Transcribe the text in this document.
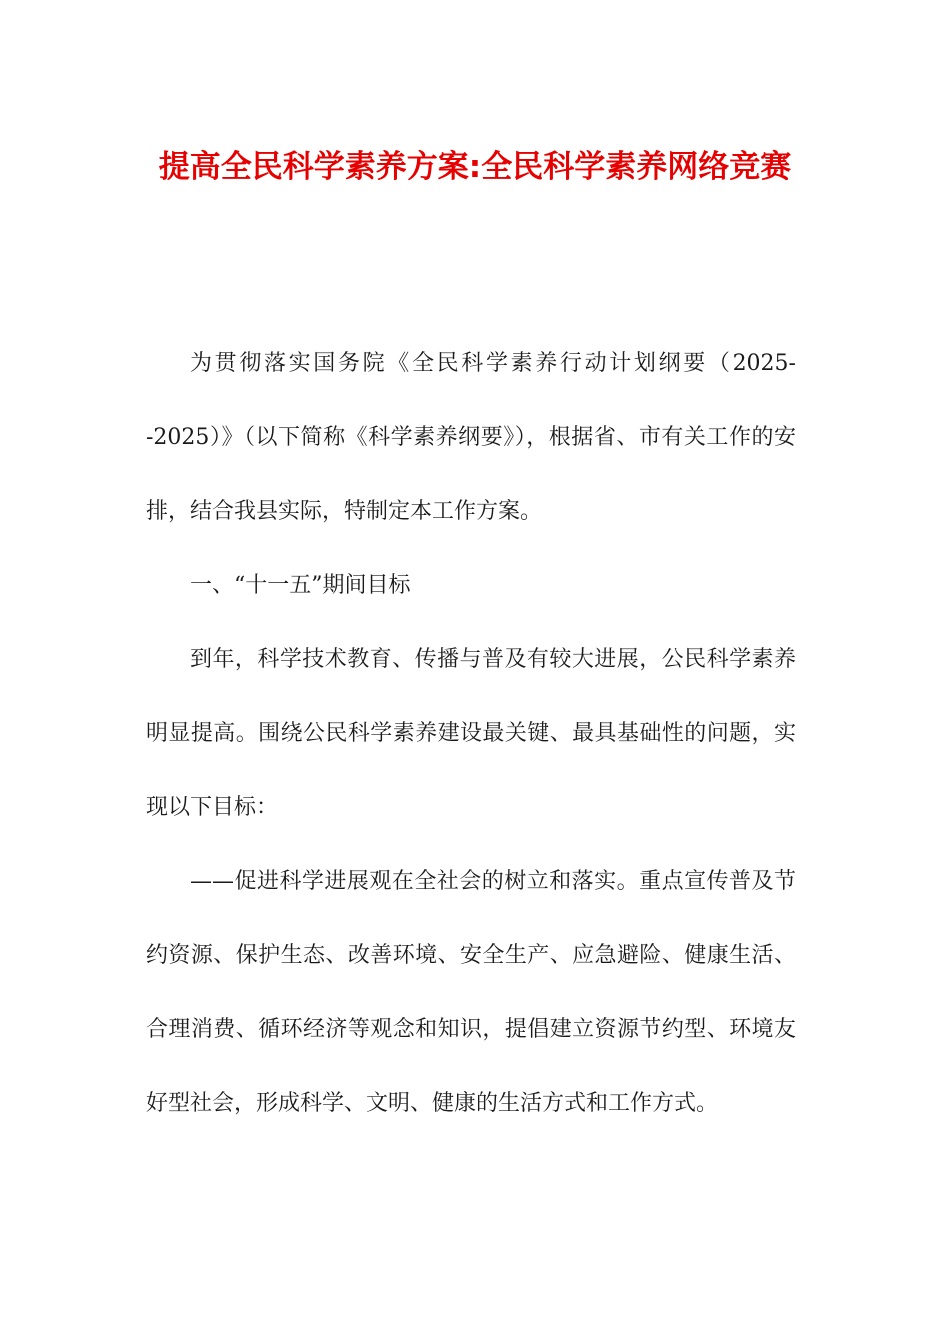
提高全民科学素养方案:全民科学素养网络竞赛

为贯彻落实国务院《全民科学素养行动计划纲要（2025--2025）》（以下简称《科学素养纲要》），根据省、市有关工作的安排，结合我县实际，特制定本工作方案。

一、“十一五”期间目标

到年，科学技术教育、传播与普及有较大进展，公民科学素养明显提高。围绕公民科学素养建设最关键、最具基础性的问题，实现以下目标：

——促进科学进展观在全社会的树立和落实。重点宣传普及节约资源、保护生态、改善环境、安全生产、应急避险、健康生活、合理消费、循环经济等观念和知识，提倡建立资源节约型、环境友好型社会，形成科学、文明、健康的生活方式和工作方式。
